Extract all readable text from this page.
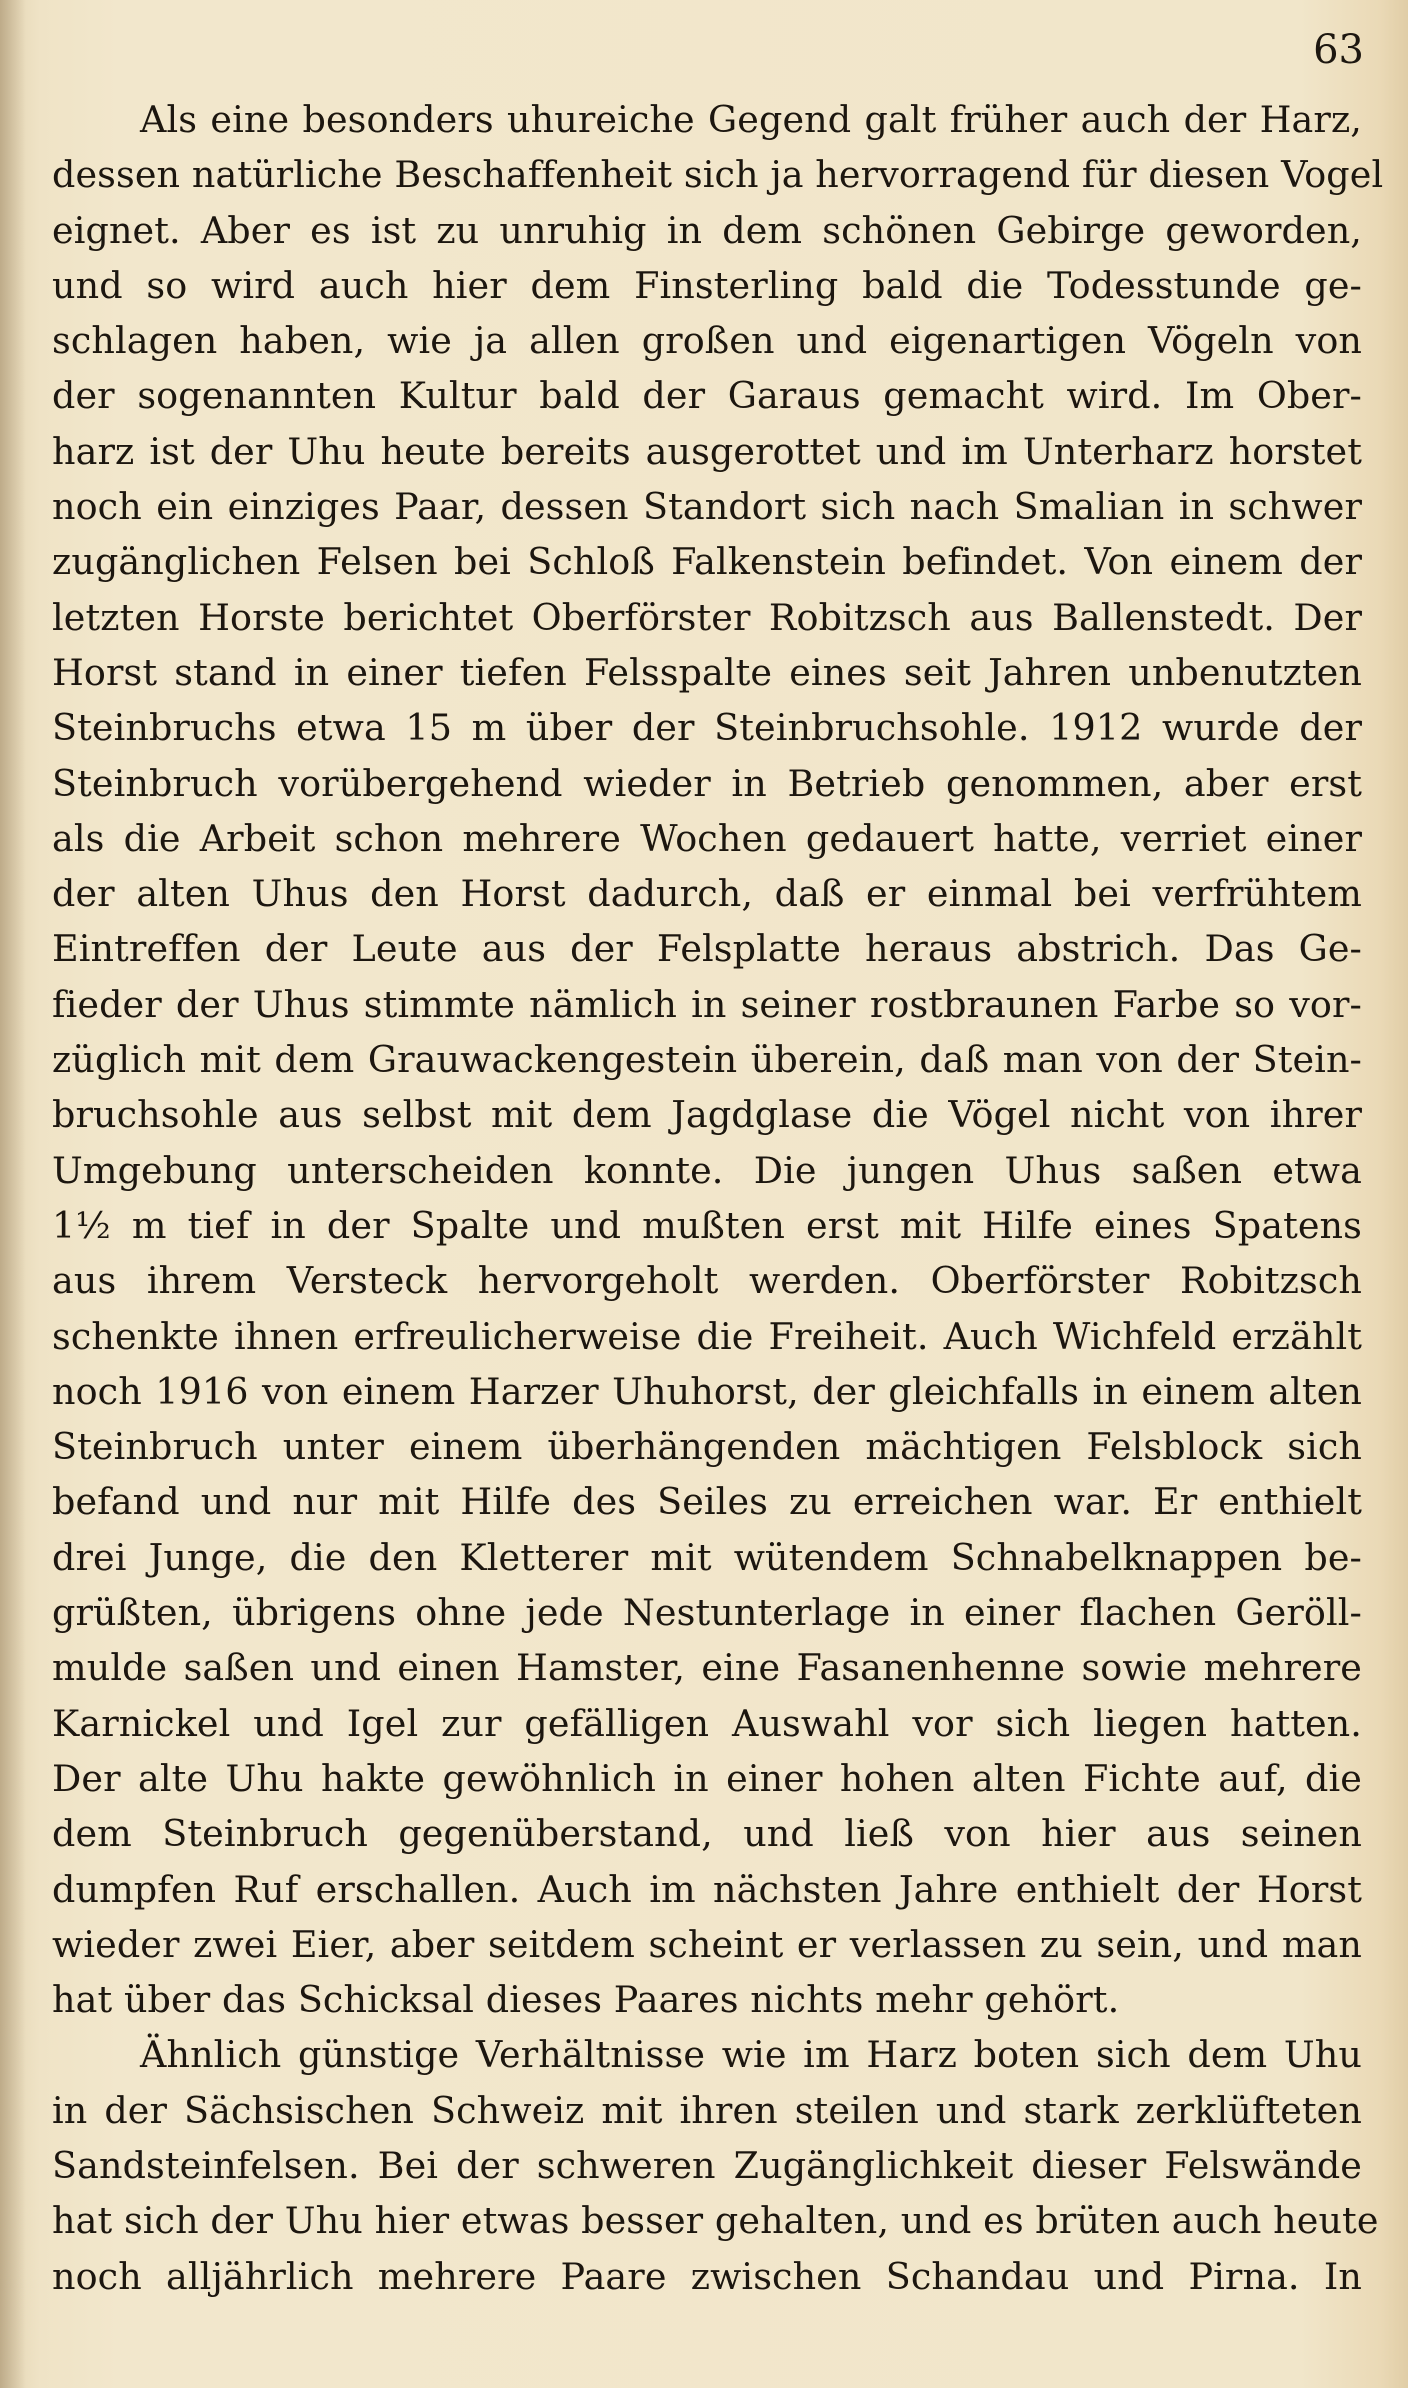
63
Als eine besonders uhureiche Gegend galt früher auch der Harz,
dessen natürliche Beschaffenheit sich ja hervorragend für diesen Vogel
eignet. Aber es ist zu unruhig in dem schönen Gebirge geworden,
und so wird auch hier dem Finsterling bald die Todesstunde ge-
schlagen haben, wie ja allen großen und eigenartigen Vögeln von
der sogenannten Kultur bald der Garaus gemacht wird. Im Ober-
harz ist der Uhu heute bereits ausgerottet und im Unterharz horstet
noch ein einziges Paar, dessen Standort sich nach Smalian in schwer
zugänglichen Felsen bei Schloß Falkenstein befindet. Von einem der
letzten Horste berichtet Oberförster Robitzsch aus Ballenstedt. Der
Horst stand in einer tiefen Felsspalte eines seit Jahren unbenutzten
Steinbruchs etwa 15 m über der Steinbruchsohle. 1912 wurde der
Steinbruch vorübergehend wieder in Betrieb genommen, aber erst
als die Arbeit schon mehrere Wochen gedauert hatte, verriet einer
der alten Uhus den Horst dadurch, daß er einmal bei verfrühtem
Eintreffen der Leute aus der Felsplatte heraus abstrich. Das Ge-
fieder der Uhus stimmte nämlich in seiner rostbraunen Farbe so vor-
züglich mit dem Grauwackengestein überein, daß man von der Stein-
bruchsohle aus selbst mit dem Jagdglase die Vögel nicht von ihrer
Umgebung unterscheiden konnte. Die jungen Uhus saßen etwa
1½ m tief in der Spalte und mußten erst mit Hilfe eines Spatens
aus ihrem Versteck hervorgeholt werden. Oberförster Robitzsch
schenkte ihnen erfreulicherweise die Freiheit. Auch Wichfeld erzählt
noch 1916 von einem Harzer Uhuhorst, der gleichfalls in einem alten
Steinbruch unter einem überhängenden mächtigen Felsblock sich
befand und nur mit Hilfe des Seiles zu erreichen war. Er enthielt
drei Junge, die den Kletterer mit wütendem Schnabelknappen be-
grüßten, übrigens ohne jede Nestunterlage in einer flachen Geröll-
mulde saßen und einen Hamster, eine Fasanenhenne sowie mehrere
Karnickel und Igel zur gefälligen Auswahl vor sich liegen hatten.
Der alte Uhu hakte gewöhnlich in einer hohen alten Fichte auf, die
dem Steinbruch gegenüberstand, und ließ von hier aus seinen
dumpfen Ruf erschallen. Auch im nächsten Jahre enthielt der Horst
wieder zwei Eier, aber seitdem scheint er verlassen zu sein, und man
hat über das Schicksal dieses Paares nichts mehr gehört.
Ähnlich günstige Verhältnisse wie im Harz boten sich dem Uhu
in der Sächsischen Schweiz mit ihren steilen und stark zerklüfteten
Sandsteinfelsen. Bei der schweren Zugänglichkeit dieser Felswände
hat sich der Uhu hier etwas besser gehalten, und es brüten auch heute
noch alljährlich mehrere Paare zwischen Schandau und Pirna. In
